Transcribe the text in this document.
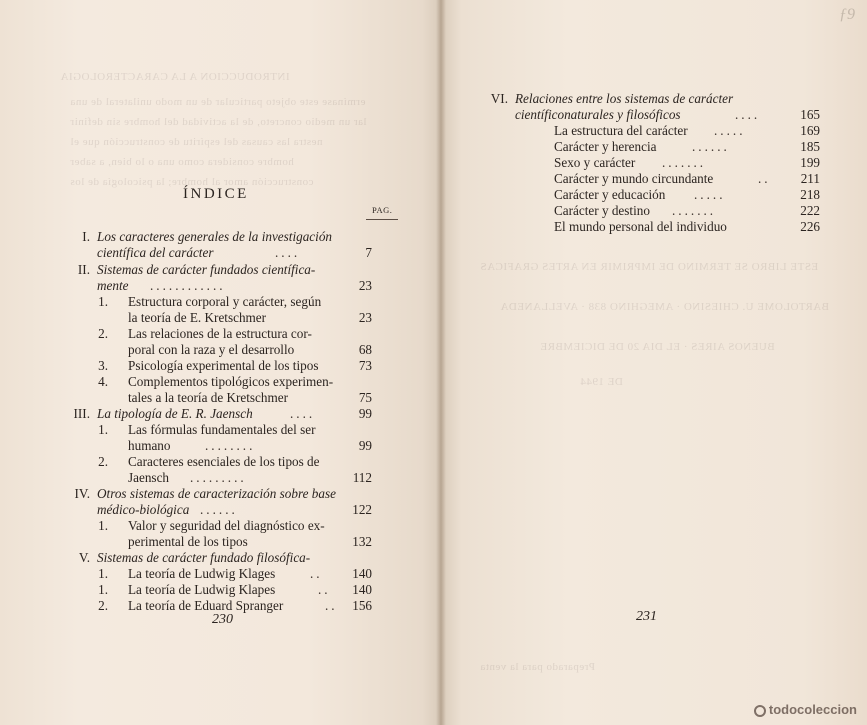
INTRODUCCION A LA CARACTEROLOGIA
ermínase este objeto particular de un modo unilateral de una
lar un medio concreto, de la actividad del hombre sin definir
nestra las causas del espíritu de construcción que el
hombre considera como una o lo bien, a saber
construcción amor al hombre; la psicología de los
ƒ9
ESTE LIBRO SE TERMINO DE IMPRIMIR EN ARTES GRAFICAS
BARTOLOME U. CHIESINO · AMEGHINO 838 · AVELLANEDA
BUENOS AIRES · EL DIA 20 DE DICIEMBRE
DE 1944
Preparado para la venta
ÍNDICE
PAG.
I. Los caracteres generales de la investigación
científica del carácter	....	7
II. Sistemas de carácter fundados científica-
mente ............	23
1. Estructura corporal y carácter, según
la teoría de E. Kretschmer	23
2. Las relaciones de la estructura cor-
poral con la raza y el desarrollo	68
3. Psicología experimental de los tipos	73
4. Complementos tipológicos experimen-
tales a la teoría de Kretschmer	75
III. La tipología de E. R. Jaensch	....	99
1. Las fórmulas fundamentales del ser
humano	........	99
2. Caracteres esenciales de los tipos de
Jaensch .........	112
IV. Otros sistemas de caracterización sobre base
médico-biológica ......	122
1. Valor y seguridad del diagnóstico ex-
perimental de los tipos	132
V. Sistemas de carácter fundado filosófica-
1. La teoría de Ludwig Klages	..	140
1. La teoría de Ludwig Klapes	..	140
2. La teoría de Eduard Spranger	..	156
VI. Relaciones entre los sistemas de carácter
científiconaturales y filosóficos	....	165
La estructura del carácter .....	169
Carácter y herencia	......	185
Sexo y carácter .......	199
Carácter y mundo circundante	..	211
Carácter y educación .....	218
Carácter y destino .......	222
El mundo personal del individuo	226
230	231
todocoleccion
